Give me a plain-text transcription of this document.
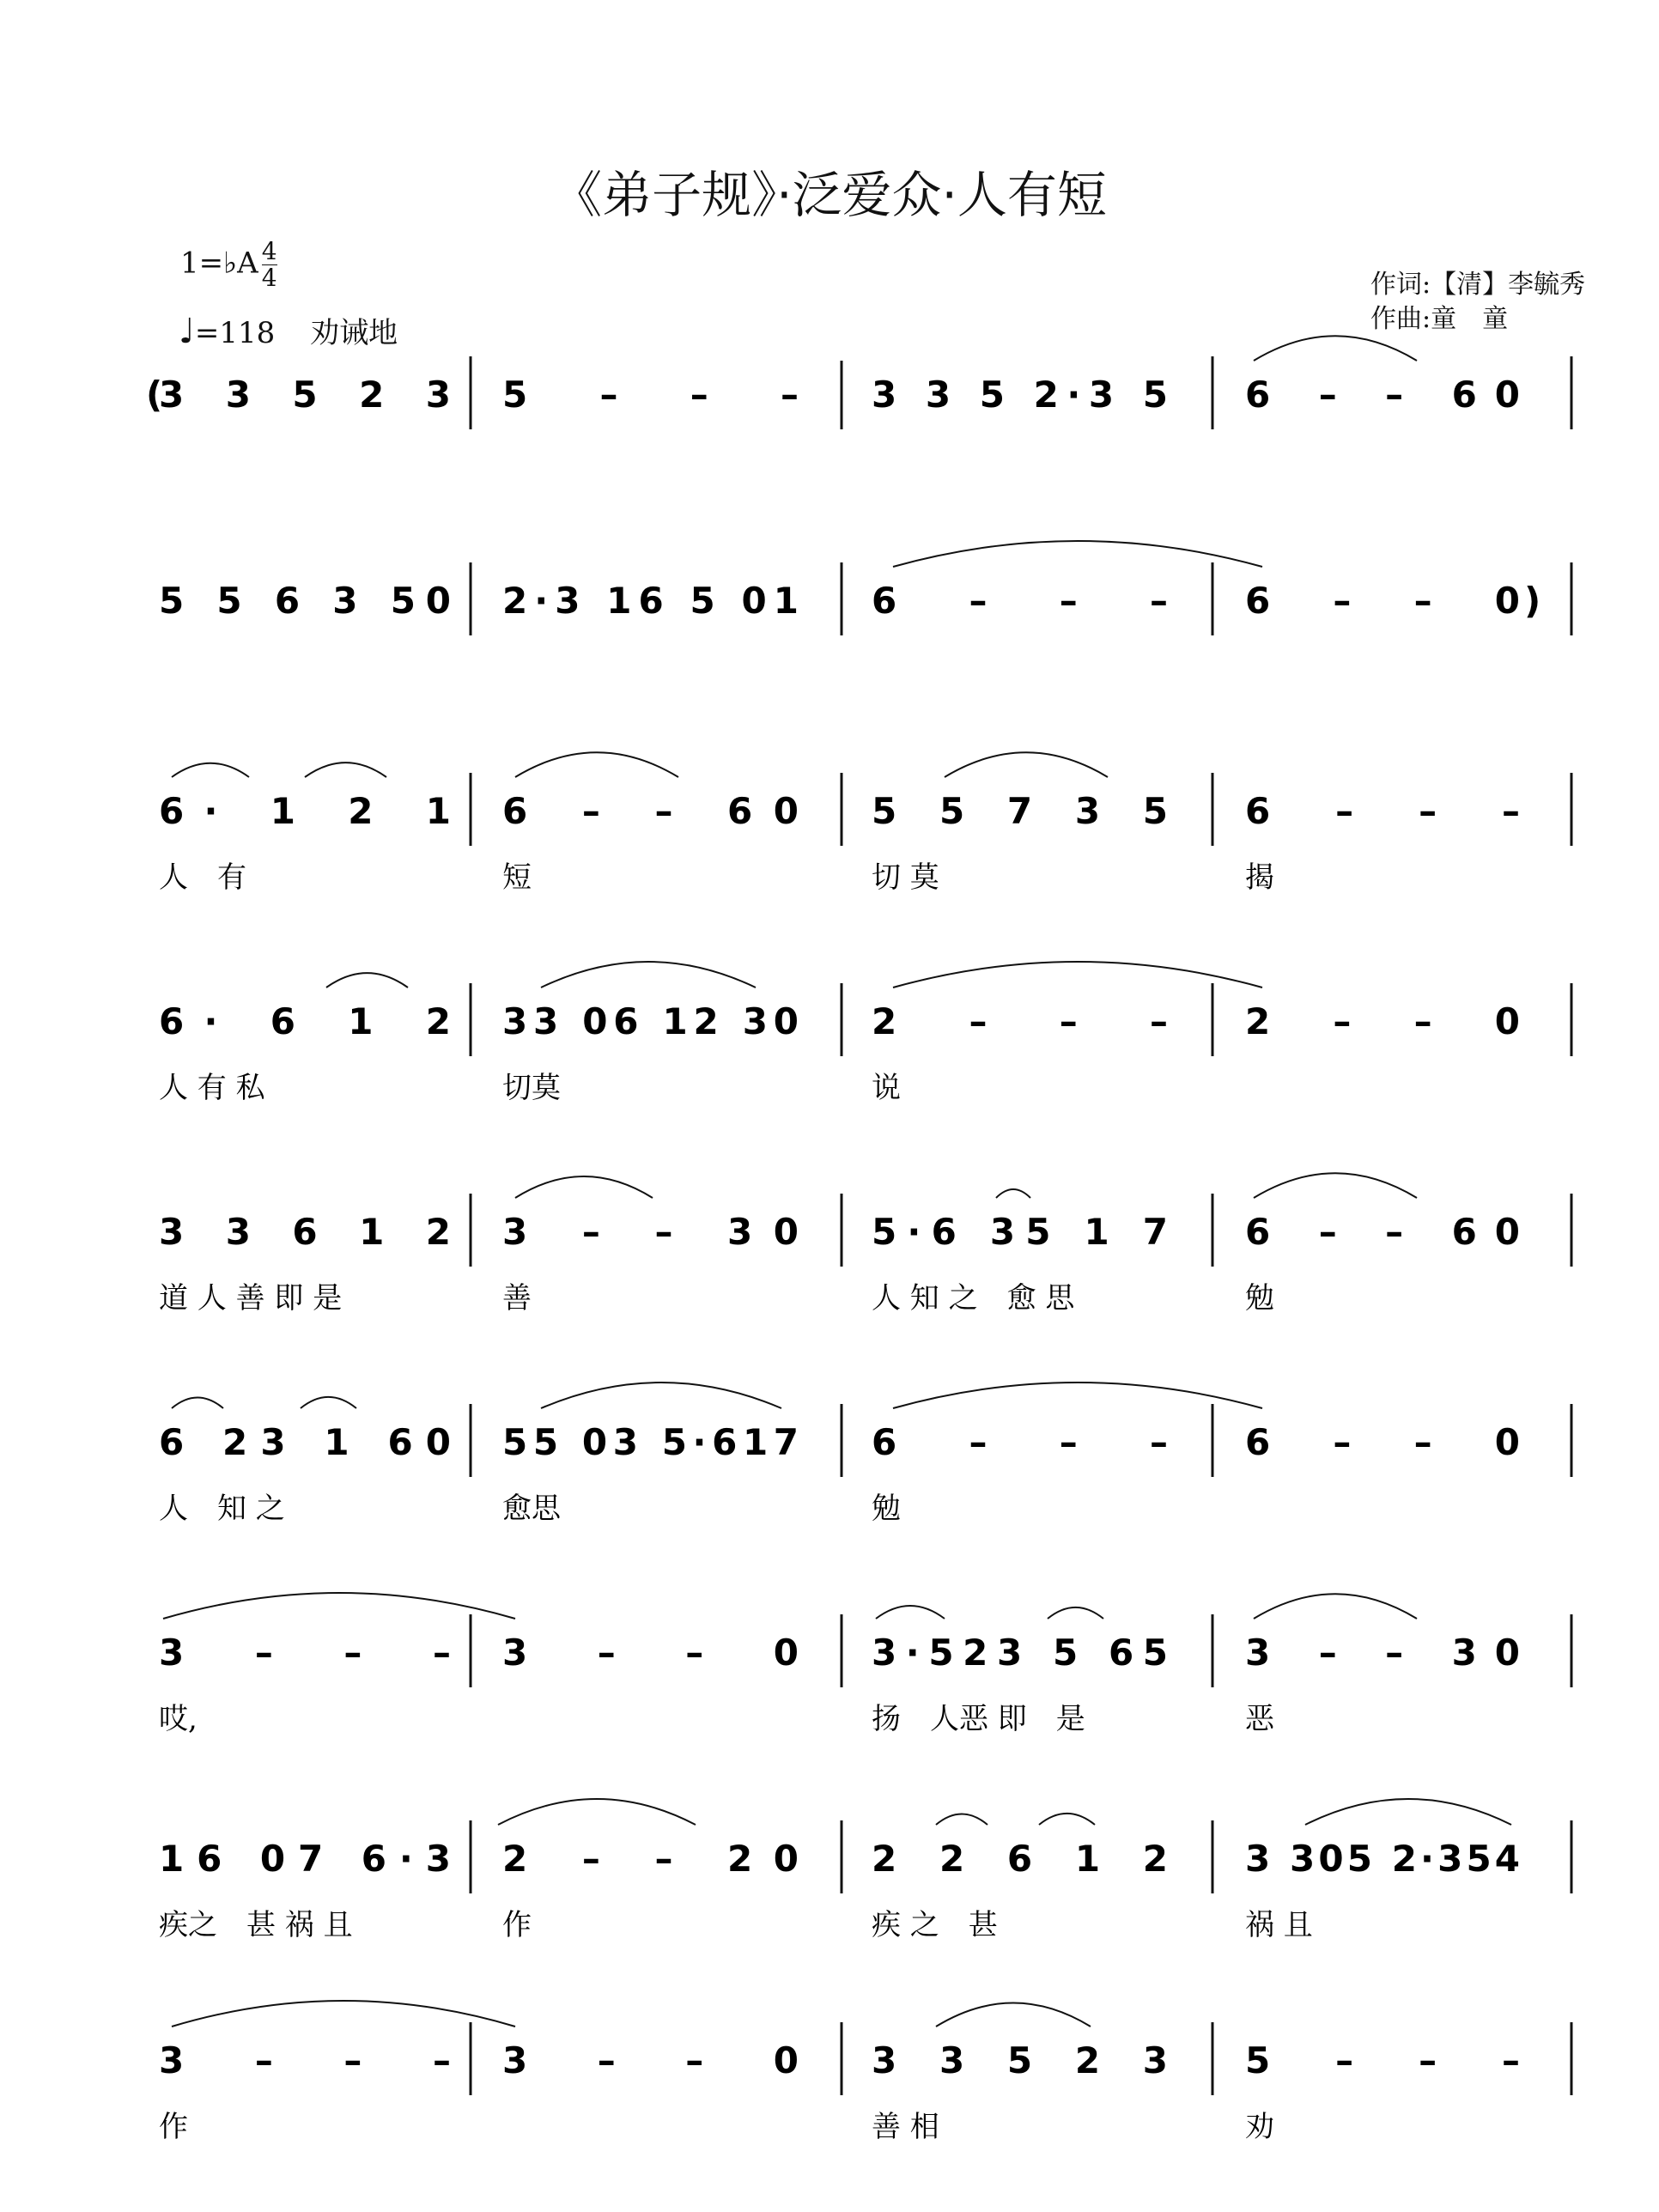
《弟子规》·泛爱众·人有短
1=♭A $\frac{4}{4}$
♩=118 劝诫地
作词:【清】李毓秀
作曲:童　童
(
3 3 5 2 3 5 – – – 3 3 5 2·3 5 6 – – 60
)
5 5 6 3 50 2·3 16 5 01 6 – – – 6 – – 0
6· 1 2 1
人　有
6 – – 60
短
5 5 7 3 5
切 莫
6 – – –
揭
6· 6 1 2
人 有 私
33 06 12 30
切莫
2 – – –
说
2 – – 0
3 3 6 1 2
道 人 善 即 是
3 – – 30
善
5·6 35 1 7
人 知 之　愈 思
6 – – 60
勉
6 23 1 60
人　知 之
55 03 5·617
愈思
6 – – –
勉
6 – – 0
3 – – –
哎,
3 – – 0 3·523 5 65
扬　人恶 即　是
3 – – 30
恶
16 07 6·3
疾之　甚 祸 且
2 – – 20
作
2 2 6 1 2
疾 之　甚
3 305 2·354
祸 且
3 – – –
作
3 – – 0 3 3 5 2 3
善 相
5 – – –
劝
